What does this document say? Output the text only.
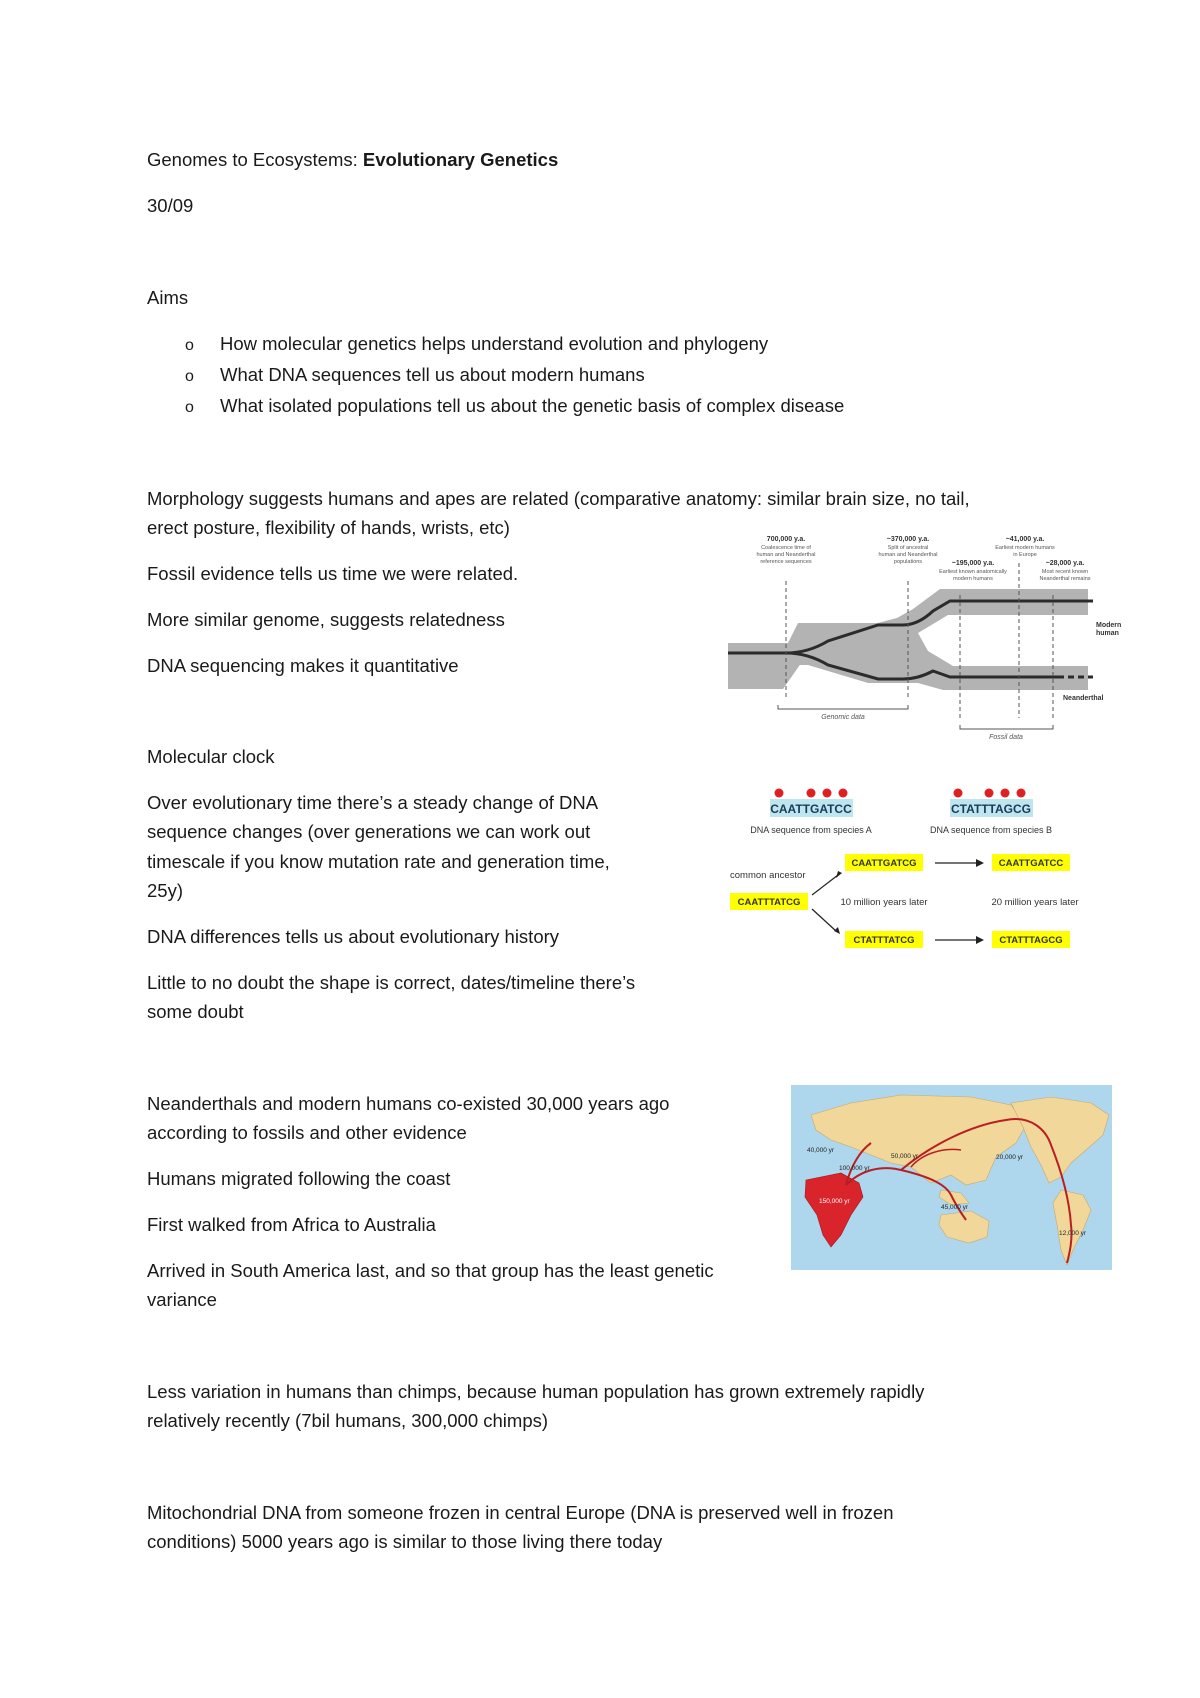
Genomes to Ecosystems: Evolutionary Genetics
30/09
Aims
o How molecular genetics helps understand evolution and phylogeny
o What DNA sequences tell us about modern humans
o What isolated populations tell us about the genetic basis of complex disease
Morphology suggests humans and apes are related (comparative anatomy: similar brain size, no tail,
erect posture, flexibility of hands, wrists, etc)
Fossil evidence tells us time we were related.
More similar genome, suggests relatedness
DNA sequencing makes it quantitative
700,000 y.a.
Coalescence time of
human and Neanderthal
reference sequences
~370,000 y.a.
Split of ancestral
human and Neanderthal
populations	~195,000 y.a.
Earliest known anatomically
modern humans
~41,000 y.a.
Earliest modern humans
in Europe
~28,000 y.a.
Most recent known
Neanderthal remains
Modern
human
Neanderthal
Genomic data
Fossil data
Molecular clock
Over evolutionary time there’s a steady change of DNA
sequence changes (over generations we can work out
timescale if you know mutation rate and generation time,
25y)
DNA differences tells us about evolutionary history
Little to no doubt the shape is correct, dates/timeline there’s
some doubt
CAATTGATCC
DNA sequence from species A
CTATTTAGCG
DNA sequence from species B
common ancestor
CAATTTATCG
CAATTGATCG	CAATTGATCC
10 million years later	20 million years later
CTATTTATCG	CTATTTAGCG
Neanderthals and modern humans co-existed 30,000 years ago
according to fossils and other evidence
Humans migrated following the coast
First walked from Africa to Australia
Arrived in South America last, and so that group has the least genetic
variance
40,000 yr
50,000 yr
100,000 yr
150,000 yr
20,000 yr
45,000 yr
12,000 yr
Less variation in humans than chimps, because human population has grown extremely rapidly
relatively recently (7bil humans, 300,000 chimps)
Mitochondrial DNA from someone frozen in central Europe (DNA is preserved well in frozen
conditions) 5000 years ago is similar to those living there today
